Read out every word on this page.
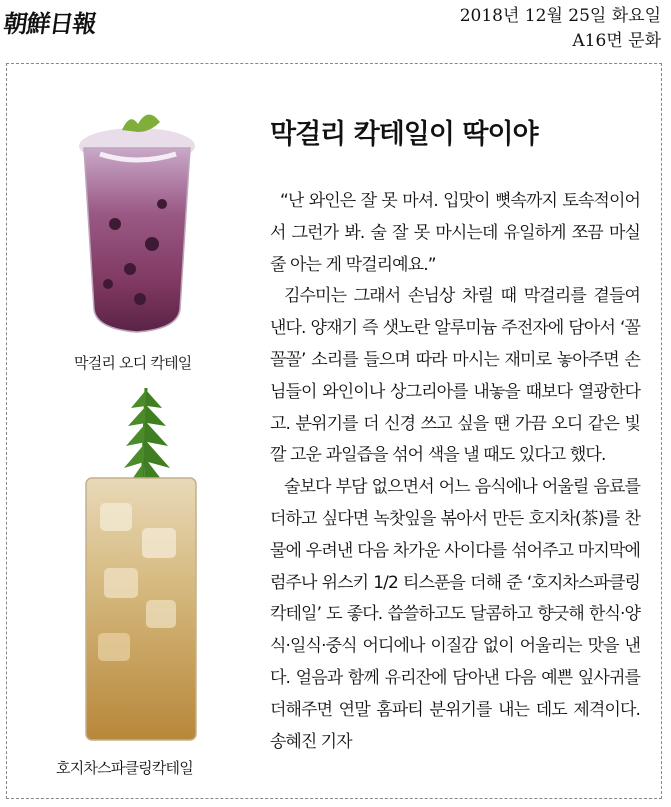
朝鮮日報	2018년 12월 25일 화요일
A16면 문화
막걸리 오디 칵테일
호지차스파클링칵테일
막걸리 칵테일이 딱이야

“난 와인은 잘 못 마셔. 입맛이 뼛속까지 토속적이어서 그런가 봐. 술 잘 못 마시는데 유일하게 쪼끔 마실 줄 아는 게 막걸리예요.”

김수미는 그래서 손님상 차릴 때 막걸리를 곁들여 낸다. 양재기 즉 샛노란 알루미늄 주전자에 담아서 ‘꼴꼴꼴’ 소리를 들으며 따라 마시는 재미로 놓아주면 손님들이 와인이나 상그리아를 내놓을 때보다 열광한다고. 분위기를 더 신경 쓰고 싶을 땐 가끔 오디 같은 빛깔 고운 과일즙을 섞어 색을 낼 때도 있다고 했다.

술보다 부담 없으면서 어느 음식에나 어울릴 음료를 더하고 싶다면 녹찻잎을 볶아서 만든 호지차(茶)를 찬물에 우려낸 다음 차가운 사이다를 섞어주고 마지막에 럼주나 위스키 1/2 티스푼을 더해 준 ‘호지차스파클링칵테일’ 도 좋다. 씁쓸하고도 달콤하고 향긋해 한식·양식·일식·중식 어디에나 이질감 없이 어울리는 맛을 낸다. 얼음과 함께 유리잔에 담아낸 다음 예쁜 잎사귀를 더해주면 연말 홈파티 분위기를 내는 데도 제격이다. 송혜진 기자
